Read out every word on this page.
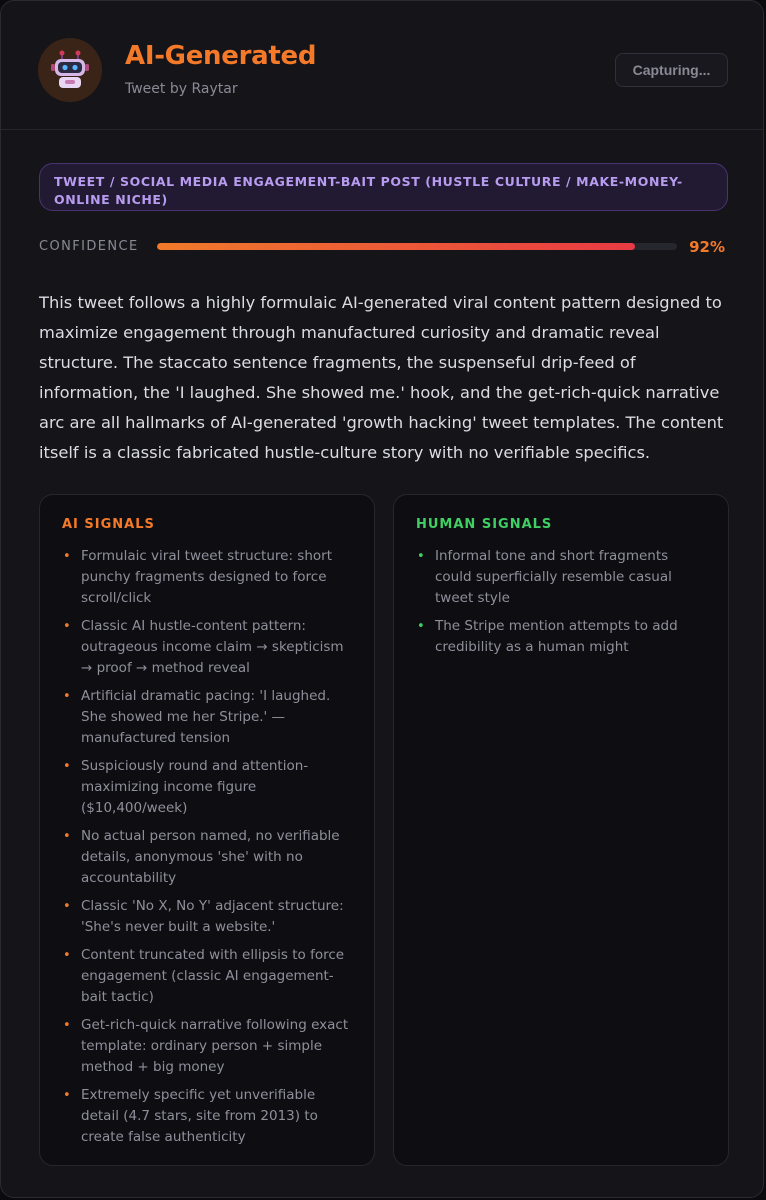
AI-Generated
Tweet by Raytar
Capturing...
TWEET / SOCIAL MEDIA ENGAGEMENT-BAIT POST (HUSTLE CULTURE / MAKE-MONEY-ONLINE NICHE)
CONFIDENCE	92%
This tweet follows a highly formulaic AI-generated viral content pattern designed to maximize engagement through manufactured curiosity and dramatic reveal structure. The staccato sentence fragments, the suspenseful drip-feed of information, the 'I laughed. She showed me.' hook, and the get-rich-quick narrative arc are all hallmarks of AI-generated 'growth hacking' tweet templates. The content itself is a classic fabricated hustle-culture story with no verifiable specifics.
AI SIGNALS
• Formulaic viral tweet structure: short punchy fragments designed to force scroll/click
• Classic AI hustle-content pattern: outrageous income claim → skepticism → proof → method reveal
• Artificial dramatic pacing: 'I laughed. She showed me her Stripe.' — manufactured tension
• Suspiciously round and attention-maximizing income figure ($10,400/week)
• No actual person named, no verifiable details, anonymous 'she' with no accountability
• Classic 'No X, No Y' adjacent structure: 'She's never built a website.'
• Content truncated with ellipsis to force engagement (classic AI engagement-bait tactic)
• Get-rich-quick narrative following exact template: ordinary person + simple method + big money
• Extremely specific yet unverifiable detail (4.7 stars, site from 2013) to create false authenticity
HUMAN SIGNALS
• Informal tone and short fragments could superficially resemble casual tweet style
• The Stripe mention attempts to add credibility as a human might
